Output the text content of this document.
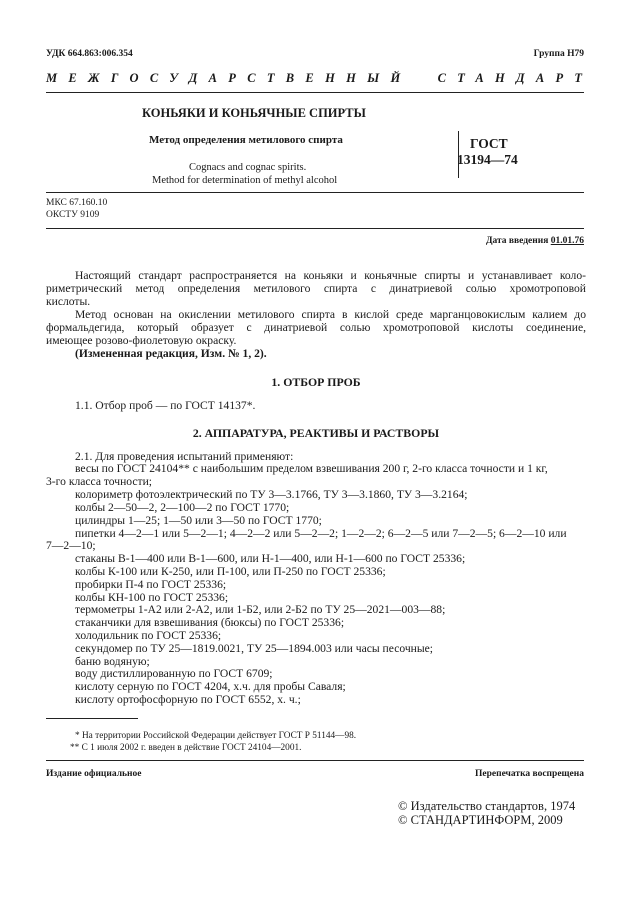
УДК 664.863:006.354	Группа Н79
МЕЖГОСУДАРСТВЕННЫЙ СТАНДАРТ
КОНЬЯКИ И КОНЬЯЧНЫЕ СПИРТЫ
Метод определения метилового спирта
Cognacs and cognac spirits.
Method for determination of methyl alcohol
ГОСТ
13194—74
МКС 67.160.10
ОКСТУ 9109
Дата введения 01.01.76
Настоящий стандарт распространяется на коньяки и коньячные спирты и устанавливает коло-
риметрический метод определения метилового спирта с динатриевой солью хромотроповой
кислоты.
Метод основан на окислении метилового спирта в кислой среде марганцовокислым калием до
формальдегида, который образует с динатриевой солью хромотроповой кислоты соединение,
имеющее розово-фиолетовую окраску.
(Измененная редакция, Изм. № 1, 2).
1. ОТБОР ПРОБ
1.1. Отбор проб — по ГОСТ 14137*.
2. АППАРАТУРА, РЕАКТИВЫ И РАСТВОРЫ
2.1. Для проведения испытаний применяют:
весы по ГОСТ 24104** с наибольшим пределом взвешивания 200 г, 2-го класса точности и 1 кг,
3-го класса точности;
колориметр фотоэлектрический по ТУ 3—3.1766, ТУ 3—3.1860, ТУ 3—3.2164;
колбы 2—50—2, 2—100—2 по ГОСТ 1770;
цилиндры 1—25; 1—50 или 3—50 по ГОСТ 1770;
пипетки 4—2—1 или 5—2—1; 4—2—2 или 5—2—2; 1—2—2; 6—2—5 или 7—2—5; 6—2—10 или
7—2—10;
стаканы В-1—400 или В-1—600, или Н-1—400, или Н-1—600 по ГОСТ 25336;
колбы К-100 или К-250, или П-100, или П-250 по ГОСТ 25336;
пробирки П-4 по ГОСТ 25336;
колбы КН-100 по ГОСТ 25336;
термометры 1-А2 или 2-А2, или 1-Б2, или 2-Б2 по ТУ 25—2021—003—88;
стаканчики для взвешивания (бюксы) по ГОСТ 25336;
холодильник по ГОСТ 25336;
секундомер по ТУ 25—1819.0021, ТУ 25—1894.003 или часы песочные;
баню водяную;
воду дистиллированную по ГОСТ 6709;
кислоту серную по ГОСТ 4204, х.ч. для пробы Саваля;
кислоту ортофосфорную по ГОСТ 6552, х. ч.;
* На территории Российской Федерации действует ГОСТ Р 51144—98.
** С 1 июля 2002 г. введен в действие ГОСТ 24104—2001.
Издание официальное	Перепечатка воспрещена
© Издательство стандартов, 1974
© СТАНДАРТИНФОРМ, 2009
